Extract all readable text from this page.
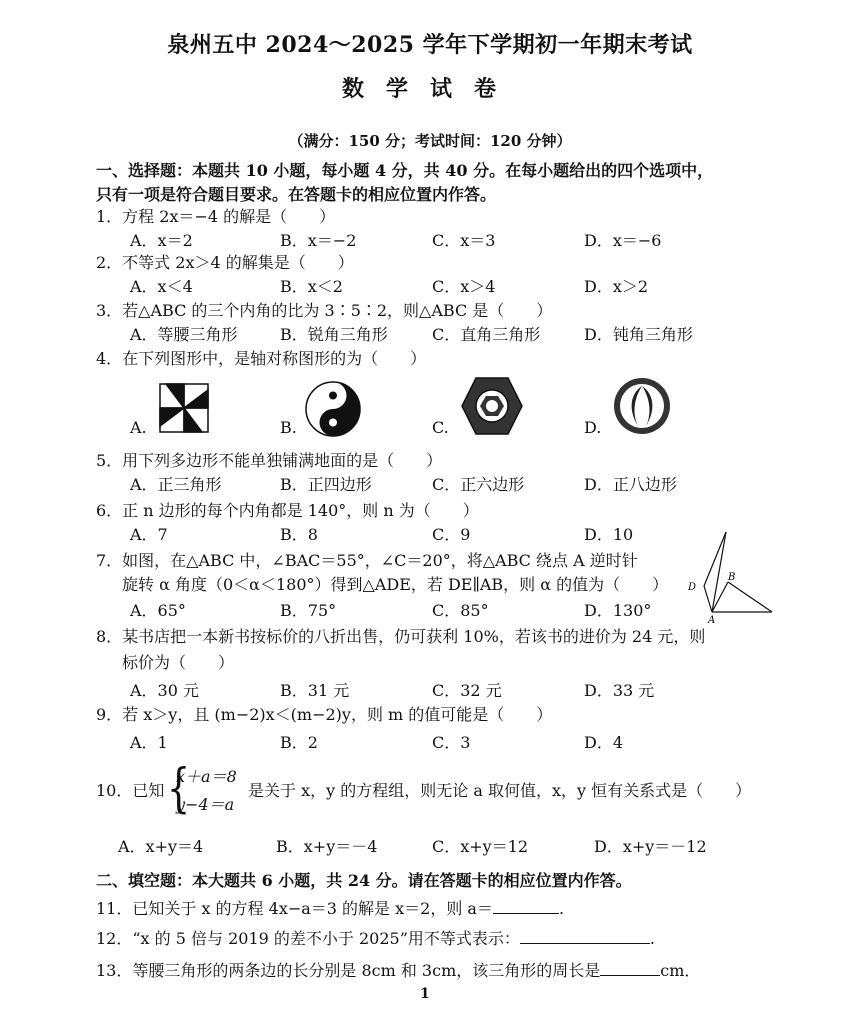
泉州五中 2024～2025 学年下学期初一年期末考试
数学试卷
（满分：150 分；考试时间：120 分钟）
一、选择题：本题共 10 小题，每小题 4 分，共 40 分。在每小题给出的四个选项中，
只有一项是符合题目要求。在答题卡的相应位置内作答。
1．方程 2x＝−4 的解是（　　）
A．x＝2	B．x＝−2	C．x＝3	D．x＝−6
2．不等式 2x＞4 的解集是（　　）
A．x＜4	B．x＜2	C．x＞4	D．x＞2
3．若△ABC 的三个内角的比为 3∶5∶2，则△ABC 是（　　）
A．等腰三角形	B．锐角三角形	C．直角三角形	D．钝角三角形
4．在下列图形中，是轴对称图形的为（　　）
A.	B.	C.	D.
5．用下列多边形不能单独铺满地面的是（　　）
A．正三角形	B．正四边形	C．正六边形	D．正八边形
6．正 n 边形的每个内角都是 140°，则 n 为（　　）
A．7	B．8	C．9	D．10
7．如图，在△ABC 中，∠BAC＝55°，∠C＝20°，将△ABC 绕点 A 逆时针
旋转 α 角度（0＜α＜180°）得到△ADE，若 DE∥AB，则 α 的值为（　　）
A．65°	B．75°	C．85°	D．130°
D
B
A
8．某书店把一本新书按标价的八折出售，仍可获利 10%，若该书的进价为 24 元，则
标价为（　　）
A．30 元	B．31 元	C．32 元	D．33 元
9．若 x＞y，且 (m−2)x＜(m−2)y，则 m 的值可能是（　　）
A．1	B．2	C．3	D．4
10．已知 {
x＋a＝8
y−4＝a
是关于 x，y 的方程组，则无论 a 取何值，x，y 恒有关系式是（　　）
A．x+y＝4	B．x+y＝－4	C．x+y＝12	D．x+y＝－12
二、填空题：本大题共 6 小题，共 24 分。请在答题卡的相应位置内作答。
11．已知关于 x 的方程 4x−a＝3 的解是 x＝2，则 a＝	.
12．“x 的 5 倍与 2019 的差不小于 2025”用不等式表示：	.
13．等腰三角形的两条边的长分别是 8cm 和 3cm，该三角形的周长是	cm．
1
